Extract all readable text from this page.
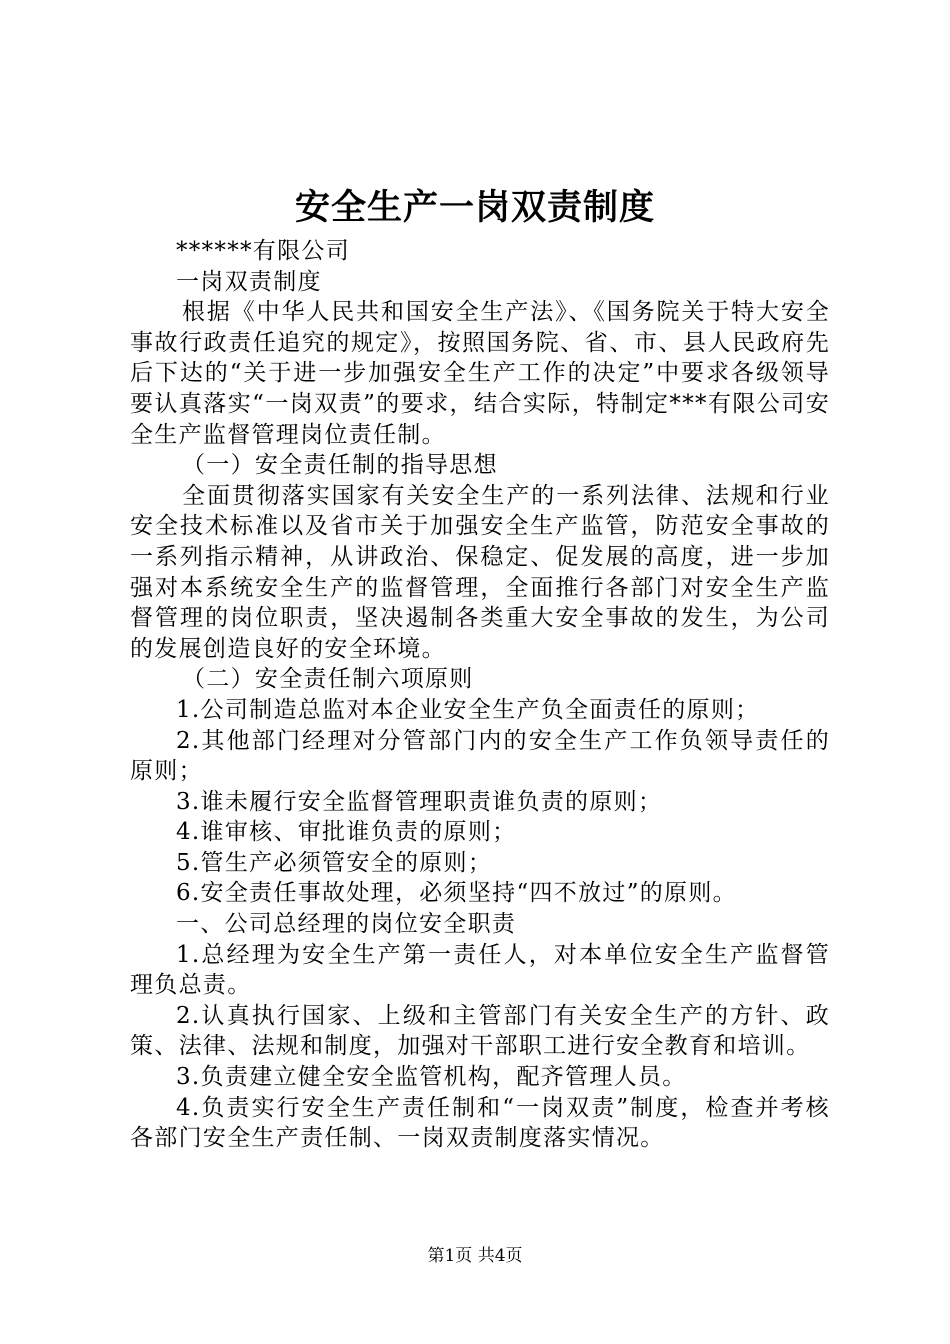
安全生产一岗双责制度

******有限公司

一岗双责制度

根据《中华人民共和国安全生产法》、《国务院关于特大安全事故行政责任追究的规定》，按照国务院、省、市、县人民政府先后下达的“关于进一步加强安全生产工作的决定”中要求各级领导要认真落实“一岗双责”的要求，结合实际，特制定***有限公司安全生产监督管理岗位责任制。

（一）安全责任制的指导思想

全面贯彻落实国家有关安全生产的一系列法律、法规和行业安全技术标准以及省市关于加强安全生产监管，防范安全事故的一系列指示精神，从讲政治、保稳定、促发展的高度，进一步加强对本系统安全生产的监督管理，全面推行各部门对安全生产监督管理的岗位职责，坚决遏制各类重大安全事故的发生，为公司的发展创造良好的安全环境。

（二）安全责任制六项原则

1.公司制造总监对本企业安全生产负全面责任的原则；

2.其他部门经理对分管部门内的安全生产工作负领导责任的原则；

3.谁未履行安全监督管理职责谁负责的原则；

4.谁审核、审批谁负责的原则；

5.管生产必须管安全的原则；

6.安全责任事故处理，必须坚持“四不放过”的原则。

一、公司总经理的岗位安全职责

1.总经理为安全生产第一责任人，对本单位安全生产监督管理负总责。

2.认真执行国家、上级和主管部门有关安全生产的方针、政策、法律、法规和制度，加强对干部职工进行安全教育和培训。

3.负责建立健全安全监管机构，配齐管理人员。

4.负责实行安全生产责任制和“一岗双责”制度，检查并考核各部门安全生产责任制、一岗双责制度落实情况。

第1页 共4页
